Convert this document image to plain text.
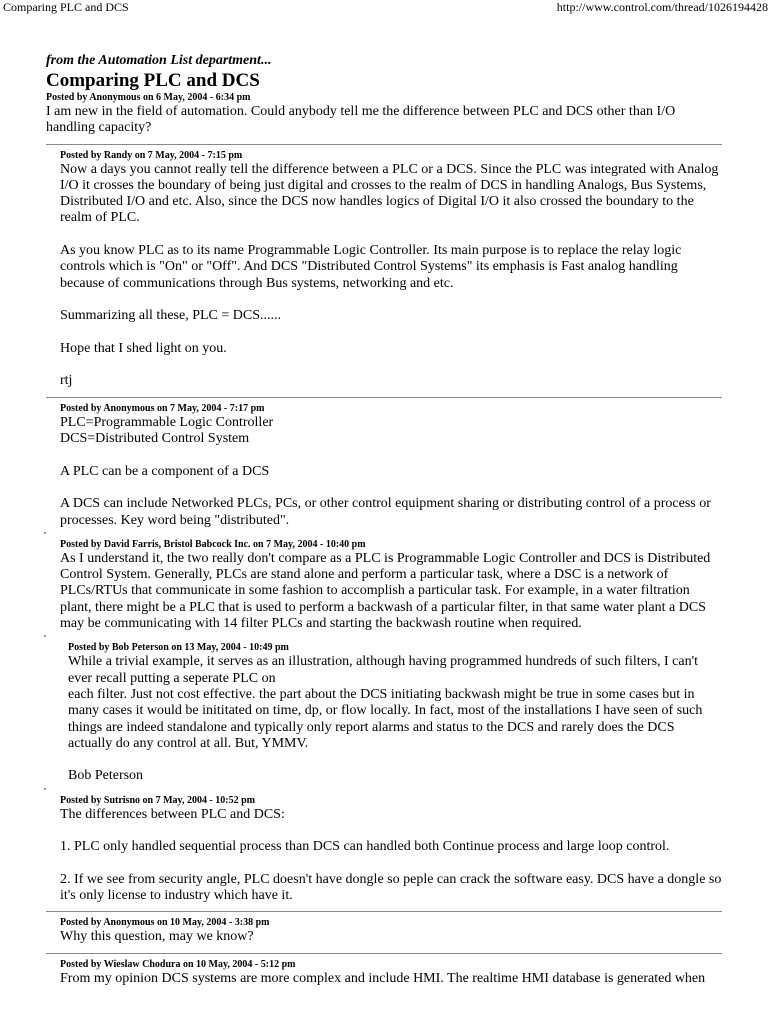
Comparing PLC and DCS	http://www.control.com/thread/1026194428

from the Automation List department...

Comparing PLC and DCS
Posted by Anonymous on 6 May, 2004 - 6:34 pm

I am new in the field of automation. Could anybody tell me the difference between PLC and DCS other than I/O handling capacity?

Posted by Randy on 7 May, 2004 - 7:15 pm

Now a days you cannot really tell the difference between a PLC or a DCS. Since the PLC was integrated with Analog I/O it crosses the boundary of being just digital and crosses to the realm of DCS in handling Analogs, Bus Systems, Distributed I/O and etc. Also, since the DCS now handles logics of Digital I/O it also crossed the boundary to the realm of PLC.

As you know PLC as to its name Programmable Logic Controller. Its main purpose is to replace the relay logic controls which is "On" or "Off". And DCS "Distributed Control Systems" its emphasis is Fast analog handling because of communications through Bus systems, networking and etc.

Summarizing all these, PLC = DCS......

Hope that I shed light on you.

rtj

Posted by Anonymous on 7 May, 2004 - 7:17 pm

PLC=Programmable Logic Controller

DCS=Distributed Control System

A PLC can be a component of a DCS

A DCS can include Networked PLCs, PCs, or other control equipment sharing or distributing control of a process or processes. Key word being "distributed".

Posted by David Farris, Bristol Babcock Inc. on 7 May, 2004 - 10:40 pm

As I understand it, the two really don't compare as a PLC is Programmable Logic Controller and DCS is Distributed Control System. Generally, PLCs are stand alone and perform a particular task, where a DSC is a network of PLCs/RTUs that communicate in some fashion to accomplish a particular task. For example, in a water filtration plant, there might be a PLC that is used to perform a backwash of a particular filter, in that same water plant a DCS may be communicating with 14 filter PLCs and starting the backwash routine when required.

Posted by Bob Peterson on 13 May, 2004 - 10:49 pm

While a trivial example, it serves as an illustration, although having programmed hundreds of such filters, I can't ever recall putting a seperate PLC on

each filter. Just not cost effective. the part about the DCS initiating backwash might be true in some cases but in many cases it would be inititated on time, dp, or flow locally. In fact, most of the installations I have seen of such things are indeed standalone and typically only report alarms and status to the DCS and rarely does the DCS actually do any control at all. But, YMMV.

Bob Peterson

Posted by Sutrisno on 7 May, 2004 - 10:52 pm

The differences between PLC and DCS:

1. PLC only handled sequential process than DCS can handled both Continue process and large loop control.

2. If we see from security angle, PLC doesn't have dongle so peple can crack the software easy. DCS have a dongle so it's only license to industry which have it.

Posted by Anonymous on 10 May, 2004 - 3:38 pm

Why this question, may we know?

Posted by Wieslaw Chodura on 10 May, 2004 - 5:12 pm

From my opinion DCS systems are more complex and include HMI. The realtime HMI database is generated when
